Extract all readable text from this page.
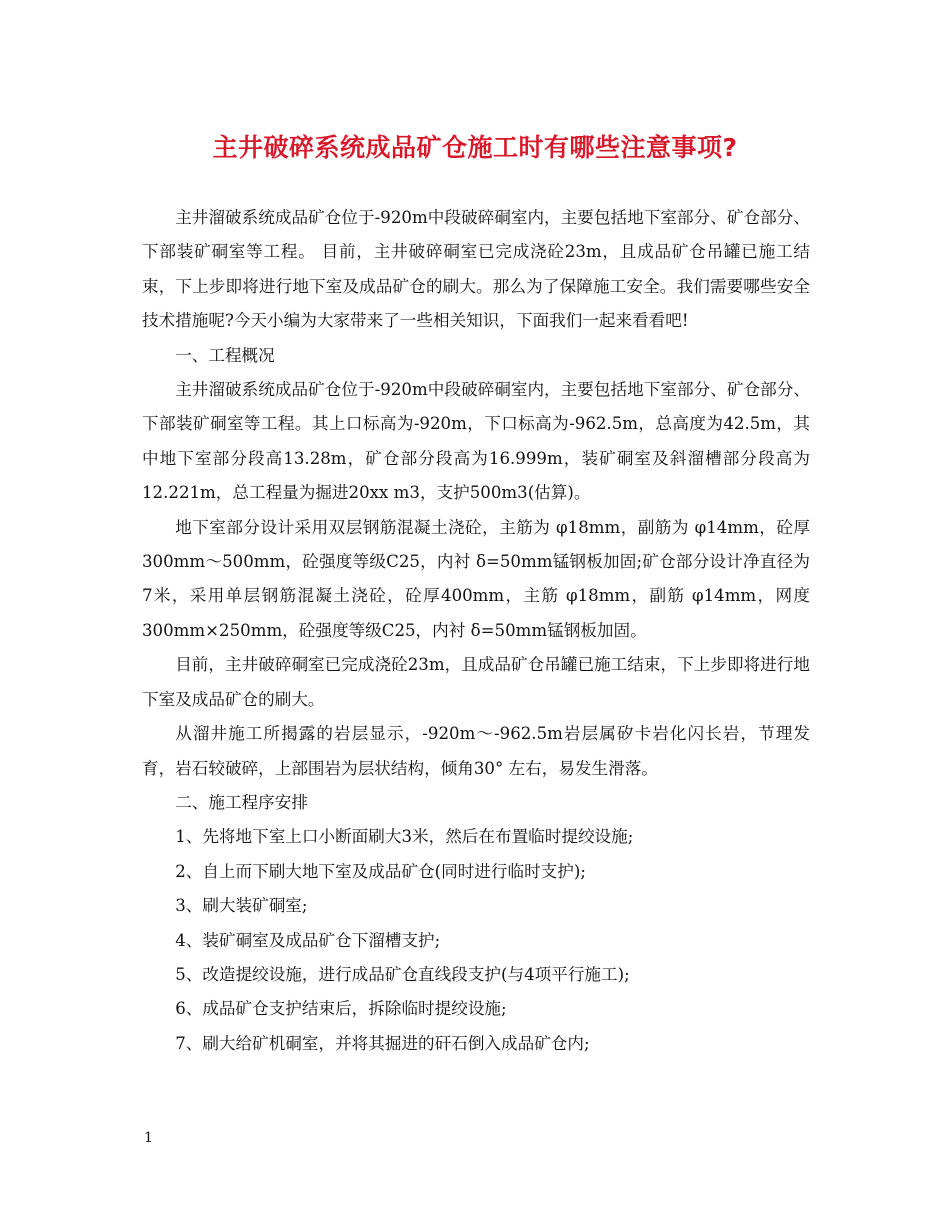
主井破碎系统成品矿仓施工时有哪些注意事项?

主井溜破系统成品矿仓位于-920m中段破碎硐室内，主要包括地下室部分、矿仓部分、下部装矿硐室等工程。 目前，主井破碎硐室已完成浇砼23m，且成品矿仓吊罐已施工结束，下上步即将进行地下室及成品矿仓的刷大。那么为了保障施工安全。我们需要哪些安全技术措施呢?今天小编为大家带来了一些相关知识，下面我们一起来看看吧!

一、工程概况

主井溜破系统成品矿仓位于-920m中段破碎硐室内，主要包括地下室部分、矿仓部分、下部装矿硐室等工程。其上口标高为-920m，下口标高为-962.5m，总高度为42.5m，其中地下室部分段高13.28m，矿仓部分段高为16.999m，装矿硐室及斜溜槽部分段高为12.221m，总工程量为掘进20xx m3，支护500m3(估算)。

地下室部分设计采用双层钢筋混凝土浇砼，主筋为 φ18mm，副筋为 φ14mm，砼厚300mm～500mm，砼强度等级C25，内衬 δ=50mm锰钢板加固;矿仓部分设计净直径为7米，采用单层钢筋混凝土浇砼，砼厚400mm，主筋 φ18mm，副筋 φ14mm，网度300mm×250mm，砼强度等级C25，内衬 δ=50mm锰钢板加固。

目前，主井破碎硐室已完成浇砼23m，且成品矿仓吊罐已施工结束，下上步即将进行地下室及成品矿仓的刷大。

从溜井施工所揭露的岩层显示，-920m～-962.5m岩层属矽卡岩化闪长岩，节理发育，岩石较破碎，上部围岩为层状结构，倾角30° 左右，易发生滑落。

二、施工程序安排

1、先将地下室上口小断面刷大3米，然后在布置临时提绞设施;

2、自上而下刷大地下室及成品矿仓(同时进行临时支护);

3、刷大装矿硐室;

4、装矿硐室及成品矿仓下溜槽支护;

5、改造提绞设施，进行成品矿仓直线段支护(与4项平行施工);

6、成品矿仓支护结束后，拆除临时提绞设施;

7、刷大给矿机硐室，并将其掘进的矸石倒入成品矿仓内;

1
